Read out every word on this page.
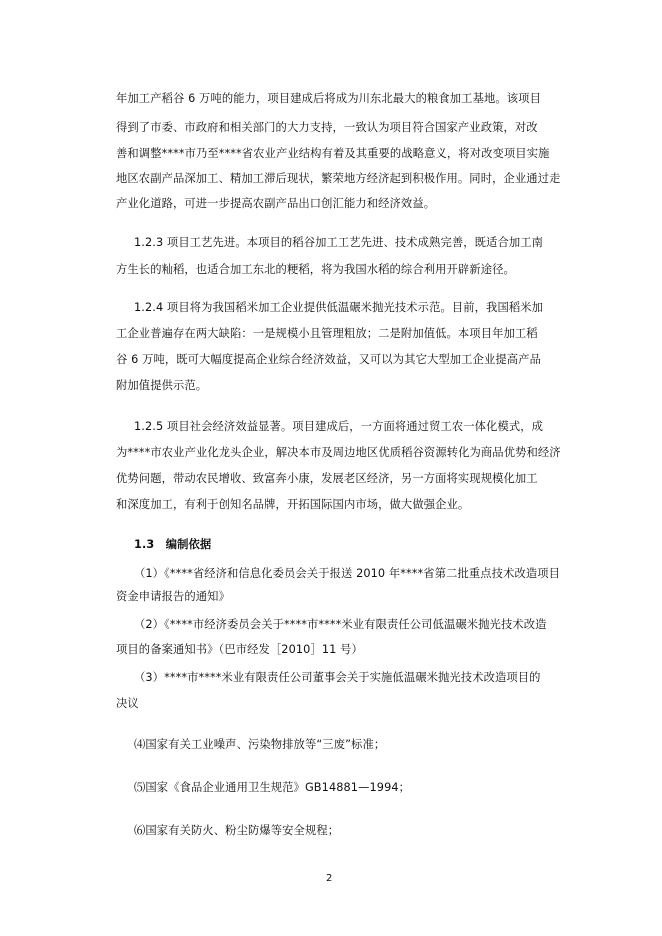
年加工产稻谷 6 万吨的能力，项目建成后将成为川东北最大的粮食加工基地。该项目
得到了市委、市政府和相关部门的大力支持，一致认为项目符合国家产业政策，对改
善和调整****市乃至****省农业产业结构有着及其重要的战略意义，将对改变项目实施
地区农副产品深加工、精加工滞后现状，繁荣地方经济起到积极作用。同时，企业通过走
产业化道路，可进一步提高农副产品出口创汇能力和经济效益。
1.2.3 项目工艺先进。本项目的稻谷加工工艺先进、技术成熟完善，既适合加工南
方生长的籼稻，也适合加工东北的粳稻，将为我国水稻的综合利用开辟新途径。
1.2.4 项目将为我国稻米加工企业提供低温碾米抛光技术示范。目前，我国稻米加
工企业普遍存在两大缺陷：一是规模小且管理粗放；二是附加值低。本项目年加工稻
谷 6 万吨，既可大幅度提高企业综合经济效益，又可以为其它大型加工企业提高产品
附加值提供示范。
1.2.5 项目社会经济效益显著。项目建成后，一方面将通过贸工农一体化模式，成
为****市农业产业化龙头企业，解决本市及周边地区优质稻谷资源转化为商品优势和经济
优势问题，带动农民增收、致富奔小康，发展老区经济，另一方面将实现规模化加工
和深度加工，有利于创知名品牌，开拓国际国内市场，做大做强企业。
1.3　编制依据
（1）《****省经济和信息化委员会关于报送 2010 年****省第二批重点技术改造项目
资金申请报告的通知》
（2）《****市经济委员会关于****市****米业有限责任公司低温碾米抛光技术改造
项目的备案通知书》（巴市经发［2010］11 号）
（3）****市****米业有限责任公司董事会关于实施低温碾米抛光技术改造项目的
决议
⑷国家有关工业噪声、污染物排放等“三废”标准；
⑸国家《食品企业通用卫生规范》GB14881—1994；
⑹国家有关防火、粉尘防爆等安全规程；
2
